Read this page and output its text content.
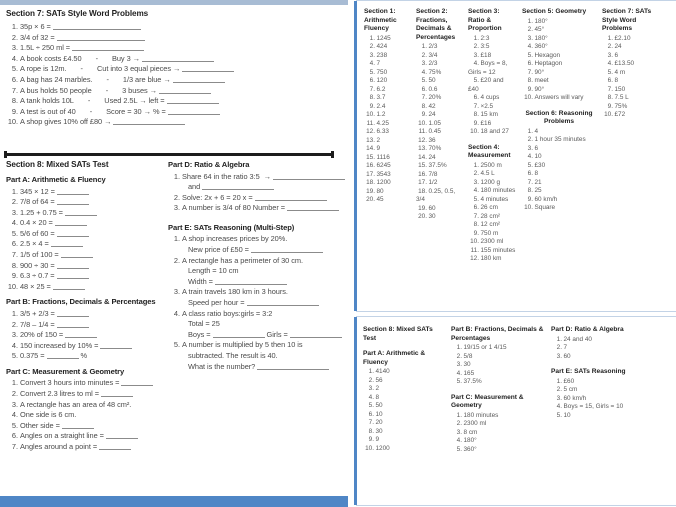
Section 7: SATs Style Word Problems
1. 35p × 6 =
2. 3/4 of 32 =
3. 1.5L ÷ 250 ml =
4. A book costs £4.50 - Buy 3 →
5. A rope is 12m. - Cut into 3 equal pieces →
6. A bag has 24 marbles. - 1/3 are blue →
7. A bus holds 50 people - 3 buses →
8. A tank holds 10L - Used 2.5L → left =
9. A test is out of 40 - Score = 30 → % =
10. A shop gives 10% off £80 →
Section 8: Mixed SATs Test
Part A: Arithmetic & Fluency
1. 345 × 12 =
2. 7/8 of 64 =
3. 1.25 + 0.75 =
4. 0.4 × 20 =
5. 5/6 of 60 =
6. 2.5 × 4 =
7. 1/5 of 100 =
8. 900 ÷ 30 =
9. 6.3 ÷ 0.7 =
10. 48 × 25 =
Part B: Fractions, Decimals & Percentages
1. 3/5 + 2/3 =
2. 7/8 – 1/4 =
3. 20% of 150 =
4. 150 increased by 10% =
5. 0.375 =	%
Part C: Measurement & Geometry
1. Convert 3 hours into minutes =
2. Convert 2.3 litres to ml =
3. A rectangle has an area of 48 cm².
4. One side is 6 cm.
5. Other side =
6. Angles on a straight line =
7. Angles around a point =
Part D: Ratio & Algebra
1. Share 64 in the ratio 3:5  →
and
2. Solve: 2x + 6 = 20 x =
3. A number is 3/4 of 80 Number =
Part E: SATs Reasoning (Multi-Step)
1. A shop increases prices by 20%.
New price of £50 =
2. A rectangle has a perimeter of 30 cm.
Length = 10 cm
Width =
3. A train travels 180 km in 3 hours.
Speed per hour =
4. A class ratio boys:girls = 3:2
Total = 25
Boys =	Girls =
5. A number is multiplied by 5 then 10 is
subtracted. The result is 40.
What is the number?
Section 1: Arithmetic Fluency
1. 1245
2. 424
3. 238
4. 7
5. 750
6. 120
7. 6.2
8. 3.7
9. 2.4
10. 1.2
11. 4.25
12. 6.33
13. 2
14. 9
15. 1116
16. 6245
17. 3543
18. 1200
19. 80
20. 45
Section 2: Fractions, Decimals & Percentages
1. 2/3
2. 3/4
3. 2/3
4. 75%
5. 50
6. 0.6
7. 20%
8. 42
9. 24
10. 1.05
11. 0.45
12. 36
13. 70%
14. 24
15. 37.5%
16. 7/8
17. 1/2
18. 0.25, 0.5, 3/4
19. 60
20. 30
Section 3: Ratio & Proportion
1. 2:3
2. 3:5
3. £18
4. Boys = 8, Girls = 12
5. £20 and £40
6. 4 cups
7. ×2.5
8. 15 km
9. £16
10. 18 and 27
Section 4: Measurement
1. 2500 m
2. 4.5 L
3. 1200 g
4. 180 minutes
5. 4 minutes
6. 26 cm
7. 28 cm²
8. 12 cm²
9. 750 m
10. 2300 ml
11. 155 minutes
12. 180 km
Section 5: Geometry
1. 180°
2. 45°
3. 180°
4. 360°
5. Hexagon
6. Heptagon
7. 90°
8. meet
9. 90°
10. Answers will vary
Section 6: Reasoning Problems
1. 4
2. 1 hour 35 minutes
3. 6
4. 10
5. £30
6. 8
7. 21
8. 25
9. 60 km/h
10. Square
Section 7: SATs Style Word Problems
1. £2.10
2. 24
3. 6
4. £13.50
5. 4 m
6. 8
7. 150
8. 7.5 L
9. 75%
10. £72
Section 8: Mixed SATs Test
Part A: Arithmetic & Fluency
1. 4140
2. 56
3. 2
4. 8
5. 50
6. 10
7. 20
8. 30
9. 9
10. 1200
Part B: Fractions, Decimals & Percentages
1. 19/15 or 1 4/15
2. 5/8
3. 30
4. 165
5. 37.5%
Part C: Measurement & Geometry
1. 180 minutes
2. 2300 ml
3. 8 cm
4. 180°
5. 360°
Part D: Ratio & Algebra
1. 24 and 40
2. 7
3. 60
Part E: SATs Reasoning
1. £60
2. 5 cm
3. 60 km/h
4. Boys = 15, Girls = 10
5. 10
